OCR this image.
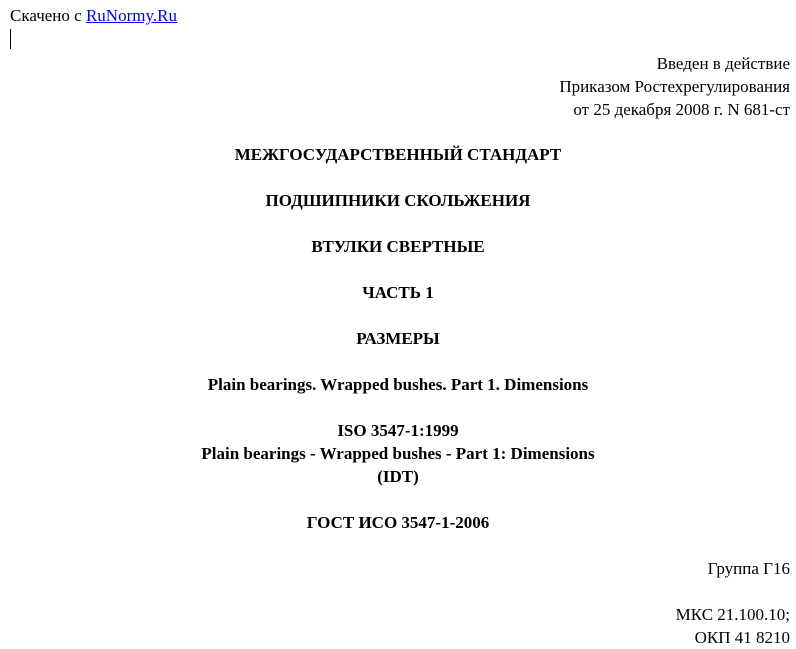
Скачено с RuNormy.Ru
Введен в действие
Приказом Ростехрегулирования
от 25 декабря 2008 г. N 681-ст
МЕЖГОСУДАРСТВЕННЫЙ СТАНДАРТ
ПОДШИПНИКИ СКОЛЬЖЕНИЯ
ВТУЛКИ СВЕРТНЫЕ
ЧАСТЬ 1
РАЗМЕРЫ
Plain bearings. Wrapped bushes. Part 1. Dimensions
ISO 3547-1:1999
Plain bearings - Wrapped bushes - Part 1: Dimensions
(IDT)
ГОСТ ИСО 3547-1-2006
Группа Г16
МКС 21.100.10;
ОКП 41 8210
